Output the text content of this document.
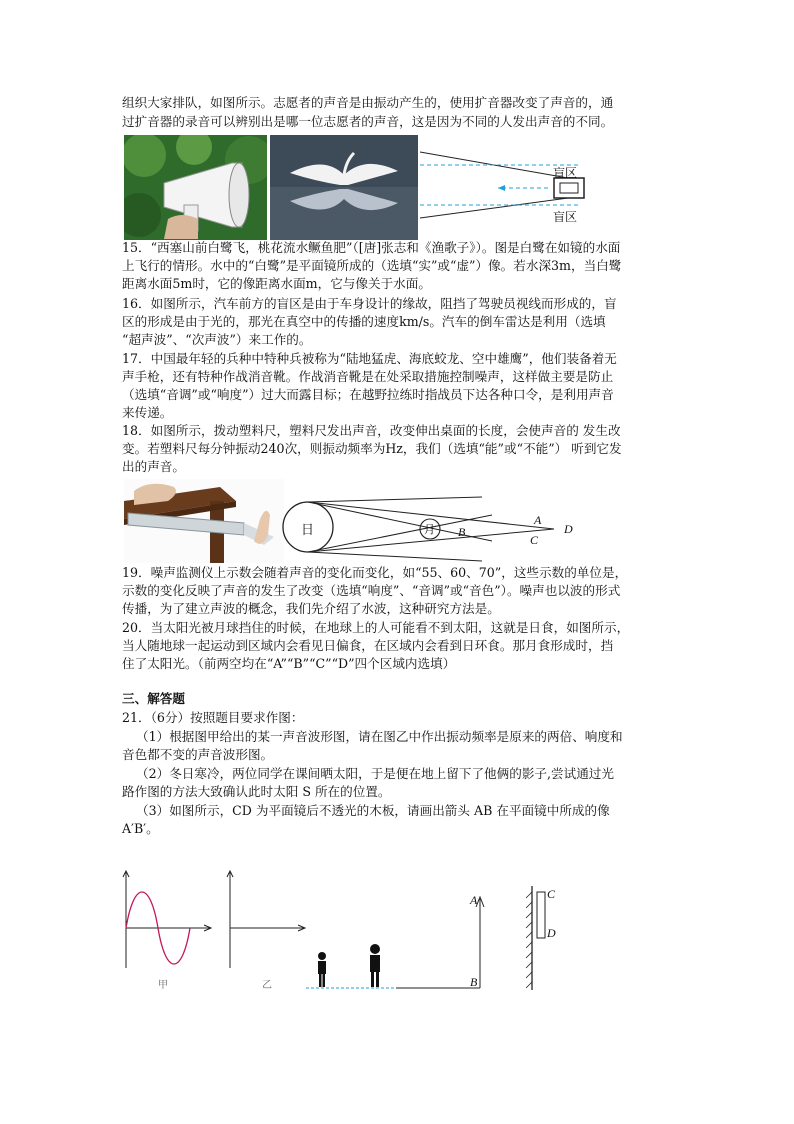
组织大家排队，如图所示。志愿者的声音是由振动产生的，使用扩音器改变了声音的，通
过扩音器的录音可以辨别出是哪一位志愿者的声音，这是因为不同的人发出声音的不同。
盲区
盲区
15．“西塞山前白鹭飞，桃花流水鳜鱼肥”（[唐]张志和《渔歌子》）。图是白鹭在如镜的水面
上飞行的情形。水中的“白鹭”是平面镜所成的（选填“实”或“虚”）像。若水深3m，当白鹭
距离水面5m时，它的像距离水面m，它与像关于水面。
16．如图所示，汽车前方的盲区是由于车身设计的缘故，阻挡了驾驶员视线而形成的，盲
区的形成是由于光的，那光在真空中的传播的速度km/s。汽车的倒车雷达是利用（选填
“超声波”、“次声波”）来工作的。
17．中国最年轻的兵种中特种兵被称为“陆地猛虎、海底蛟龙、空中雄鹰”，他们装备着无
声手枪，还有特种作战消音靴。作战消音靴是在处采取措施控制噪声，这样做主要是防止
（选填“音调”或“响度”）过大而露目标；在越野拉练时指战员下达各种口令，是利用声音
来传递。
18．如图所示，拨动塑料尺，塑料尺发出声音，改变伸出桌面的长度，会使声音的 发生改
变。若塑料尺每分钟振动240次，则振动频率为Hz，我们（选填“能”或“不能”） 听到它发
出的声音。
日	月 B
A
C
D
19．噪声监测仪上示数会随着声音的变化而变化，如“55、60、70”，这些示数的单位是，
示数的变化反映了声音的发生了改变（选填“响度”、“音调”或“音色”）。噪声也以波的形式
传播，为了建立声波的概念，我们先介绍了水波，这种研究方法是。
20．当太阳光被月球挡住的时候，在地球上的人可能看不到太阳，这就是日食，如图所示，
当人随地球一起运动到区域内会看见日偏食，在区域内会看到日环食。那月食形成时，挡
住了太阳光。（前两空均在“A”“B”“C”“D”四个区域内选填）
三、解答题
21．（6分）按照题目要求作图：
（1）根据图甲给出的某一声音波形图，请在图乙中作出振动频率是原来的两倍、响度和
音色都不变的声音波形图。
（2）冬日寒冷，两位同学在课间晒太阳，于是便在地上留下了他俩的影子,尝试通过光
路作图的方法大致确认此时太阳 S 所在的位置。
（3）如图所示，CD 为平面镜后不透光的木板，请画出箭头 AB 在平面镜中所成的像
A′B′。
甲	乙
A
B
C
D
